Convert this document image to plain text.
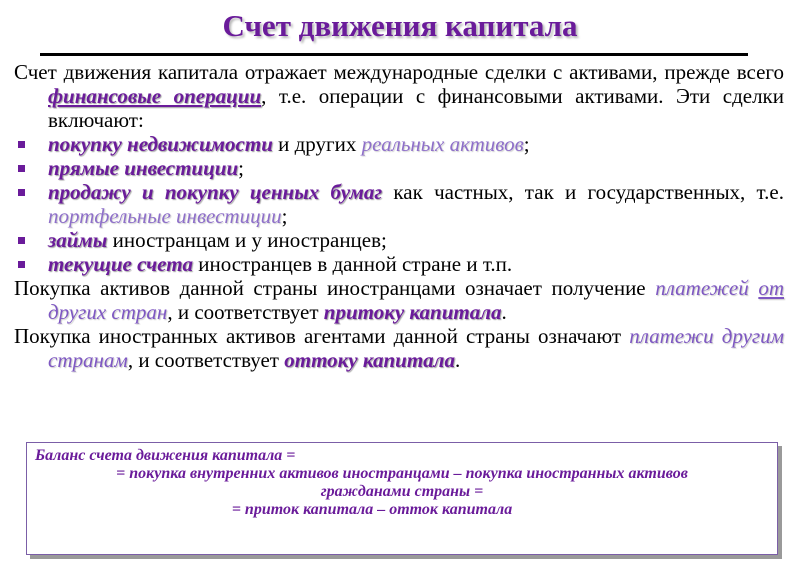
Счет движения капитала

Счет движения капитала отражает международные сделки с активами, прежде всего финансовые операции, т.е. операции с финансовыми активами. Эти сделки включают:

покупку недвижимости и других реальных активов;
прямые инвестиции;
продажу и покупку ценных бумаг как частных, так и государственных, т.е. портфельные инвестиции;
займы иностранцам и у иностранцев;
текущие счета иностранцев в данной стране и т.п.

Покупка активов данной страны иностранцами означает получение платежей от других стран, и соответствует притоку капитала.

Покупка иностранных активов агентами данной страны означают платежи другим странам, и соответствует оттоку капитала.

Баланс счета движения капитала =
= покупка внутренних активов иностранцами – покупка иностранных активов
гражданами страны =
= приток капитала – отток капитала
